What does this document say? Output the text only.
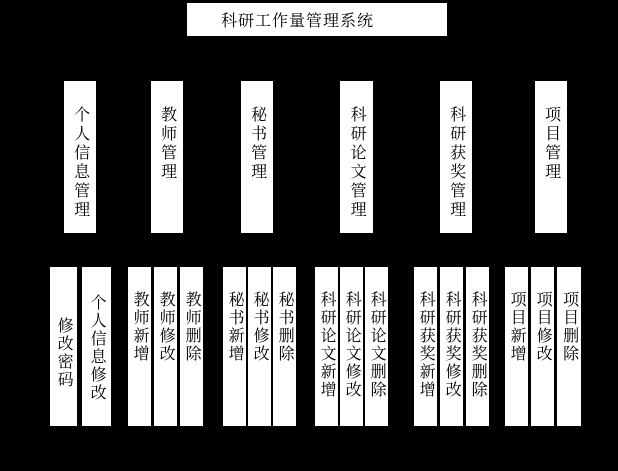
科研工作量管理系统
个人信息管理	教师管理	秘书管理	科研论文管理	科研获奖管理	项目管理
修改密码 个人信息修改 教师新增 教师修改 教师删除 秘书新增 秘书修改 秘书删除 科研论文新增 科研论文修改 科研论文删除 科研获奖新增 科研获奖修改 科研获奖删除 项目新增 项目修改 项目删除
